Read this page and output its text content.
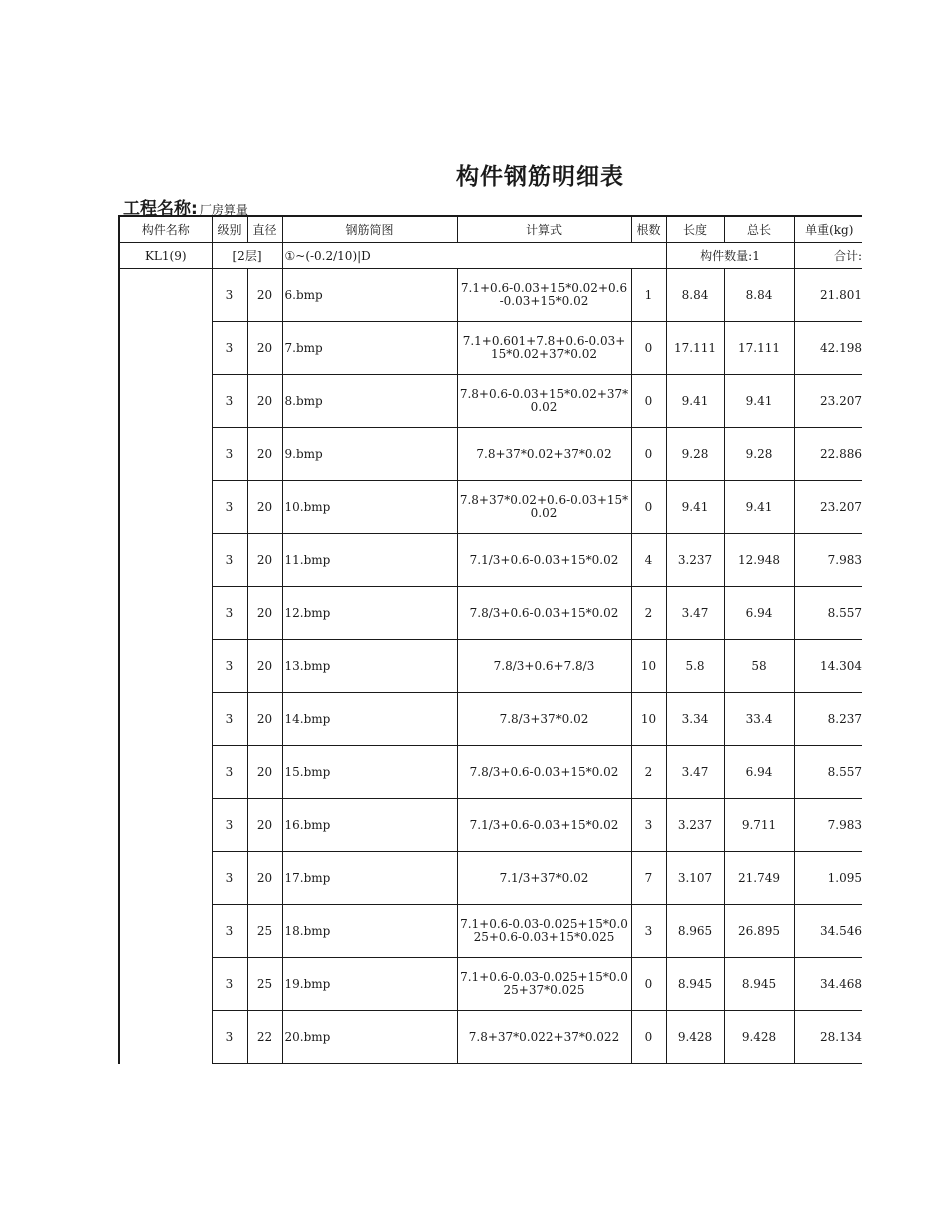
构件钢筋明细表
工程名称: 厂房算量
构件名称	级别	直径	钢筋简图	计算式	根数	长度	总长	单重(kg)
KL1(9)	[2层]		①~(-0.2/10)|D			构件数量:1		合计:
	3	20	6.bmp	7.1+0.6-0.03+15*0.02+0.6-0.03+15*0.02	1	8.84	8.84	21.801
	3	20	7.bmp	7.1+0.601+7.8+0.6-0.03+15*0.02+37*0.02	0	17.111	17.111	42.198
	3	20	8.bmp	7.8+0.6-0.03+15*0.02+37*0.02	0	9.41	9.41	23.207
	3	20	9.bmp	7.8+37*0.02+37*0.02	0	9.28	9.28	22.886
	3	20	10.bmp	7.8+37*0.02+0.6-0.03+15*0.02	0	9.41	9.41	23.207
	3	20	11.bmp	7.1/3+0.6-0.03+15*0.02	4	3.237	12.948	7.983
	3	20	12.bmp	7.8/3+0.6-0.03+15*0.02	2	3.47	6.94	8.557
	3	20	13.bmp	7.8/3+0.6+7.8/3	10	5.8	58	14.304
	3	20	14.bmp	7.8/3+37*0.02	10	3.34	33.4	8.237
	3	20	15.bmp	7.8/3+0.6-0.03+15*0.02	2	3.47	6.94	8.557
	3	20	16.bmp	7.1/3+0.6-0.03+15*0.02	3	3.237	9.711	7.983
	3	20	17.bmp	7.1/3+37*0.02	7	3.107	21.749	1.095
	3	25	18.bmp	7.1+0.6-0.03-0.025+15*0.025+0.6-0.03+15*0.025	3	8.965	26.895	34.546
	3	25	19.bmp	7.1+0.6-0.03-0.025+15*0.025+37*0.025	0	8.945	8.945	34.468
	3	22	20.bmp	7.8+37*0.022+37*0.022	0	9.428	9.428	28.134
